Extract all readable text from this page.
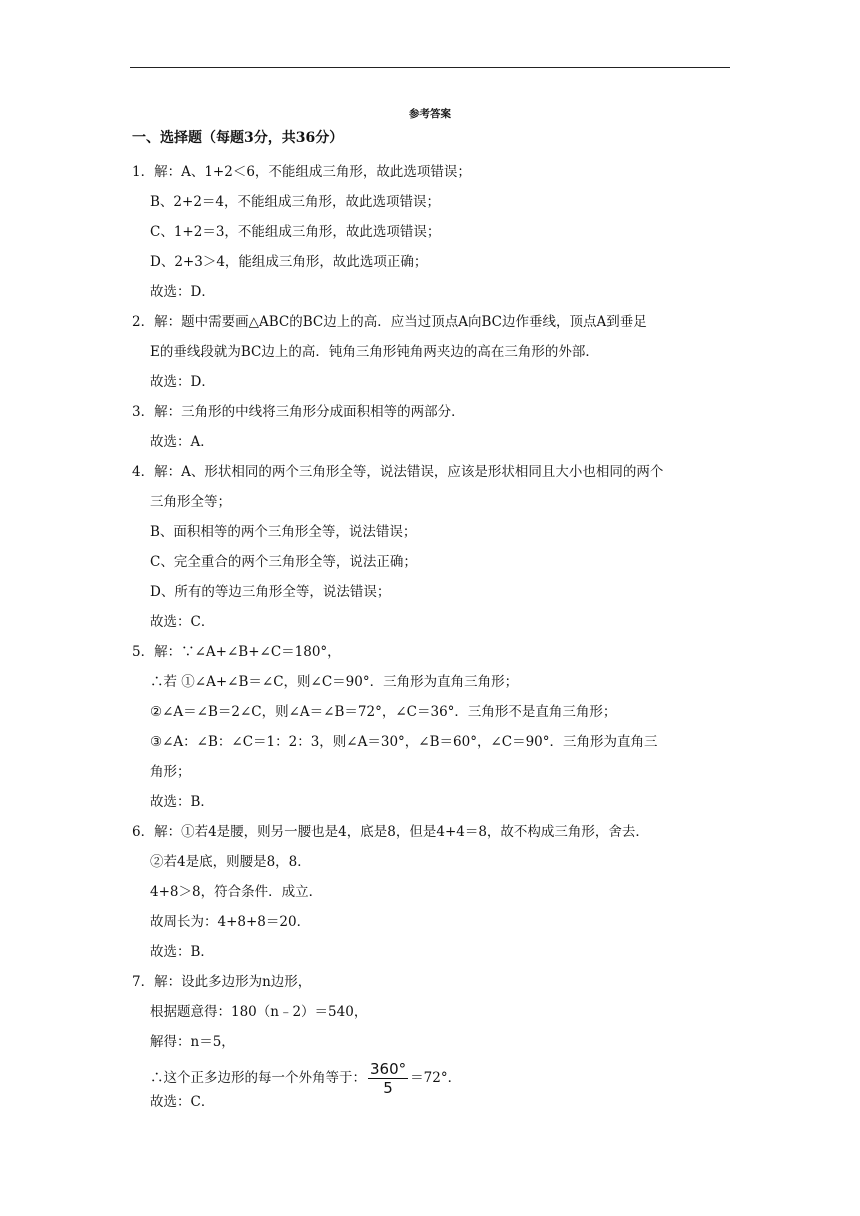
参考答案
一、选择题（每题3分，共36分）
1．解：A、1+2＜6，不能组成三角形，故此选项错误；
B、2+2＝4，不能组成三角形，故此选项错误；
C、1+2＝3，不能组成三角形，故此选项错误；
D、2+3＞4，能组成三角形，故此选项正确；
故选：D．
2．解：题中需要画△ABC的BC边上的高．应当过顶点A向BC边作垂线，顶点A到垂足
E的垂线段就为BC边上的高．钝角三角形钝角两夹边的高在三角形的外部．
故选：D．
3．解：三角形的中线将三角形分成面积相等的两部分．
故选：A．
4．解：A、形状相同的两个三角形全等，说法错误，应该是形状相同且大小也相同的两个
三角形全等；
B、面积相等的两个三角形全等，说法错误；
C、完全重合的两个三角形全等，说法正确；
D、所有的等边三角形全等，说法错误；
故选：C．
5．解：∵∠A+∠B+∠C＝180°，
∴若 ①∠A+∠B＝∠C，则∠C＝90°．三角形为直角三角形；
②∠A＝∠B＝2∠C，则∠A＝∠B＝72°，∠C＝36°．三角形不是直角三角形；
③∠A：∠B：∠C＝1：2：3，则∠A＝30°，∠B＝60°，∠C＝90°．三角形为直角三
角形；
故选：B．
6．解：①若4是腰，则另一腰也是4，底是8，但是4+4＝8，故不构成三角形，舍去．
②若4是底，则腰是8，8．
4+8＞8，符合条件．成立．
故周长为：4+8+8＝20．
故选：B．
7．解：设此多边形为n边形，
根据题意得：180（n﹣2）＝540，
解得：n＝5，
∴这个正多边形的每一个外角等于： $\frac{360^\circ}{5} =72^\circ$．
故选：C．
